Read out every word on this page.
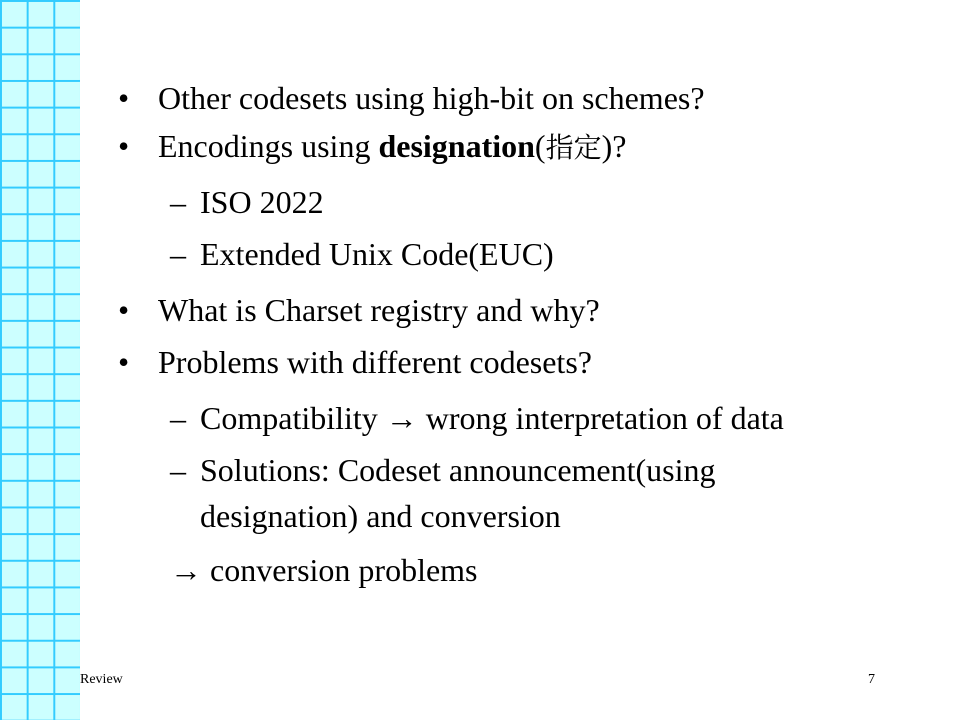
• Other codesets using high-bit on schemes?
• Encodings using designation(指定)?
– ISO 2022
– Extended Unix Code(EUC)
• What is Charset registry and why?
• Problems with different codesets?
– Compatibility → wrong interpretation of data
– Solutions: Codeset announcement(using
designation) and conversion
→ conversion problems
Review	7
